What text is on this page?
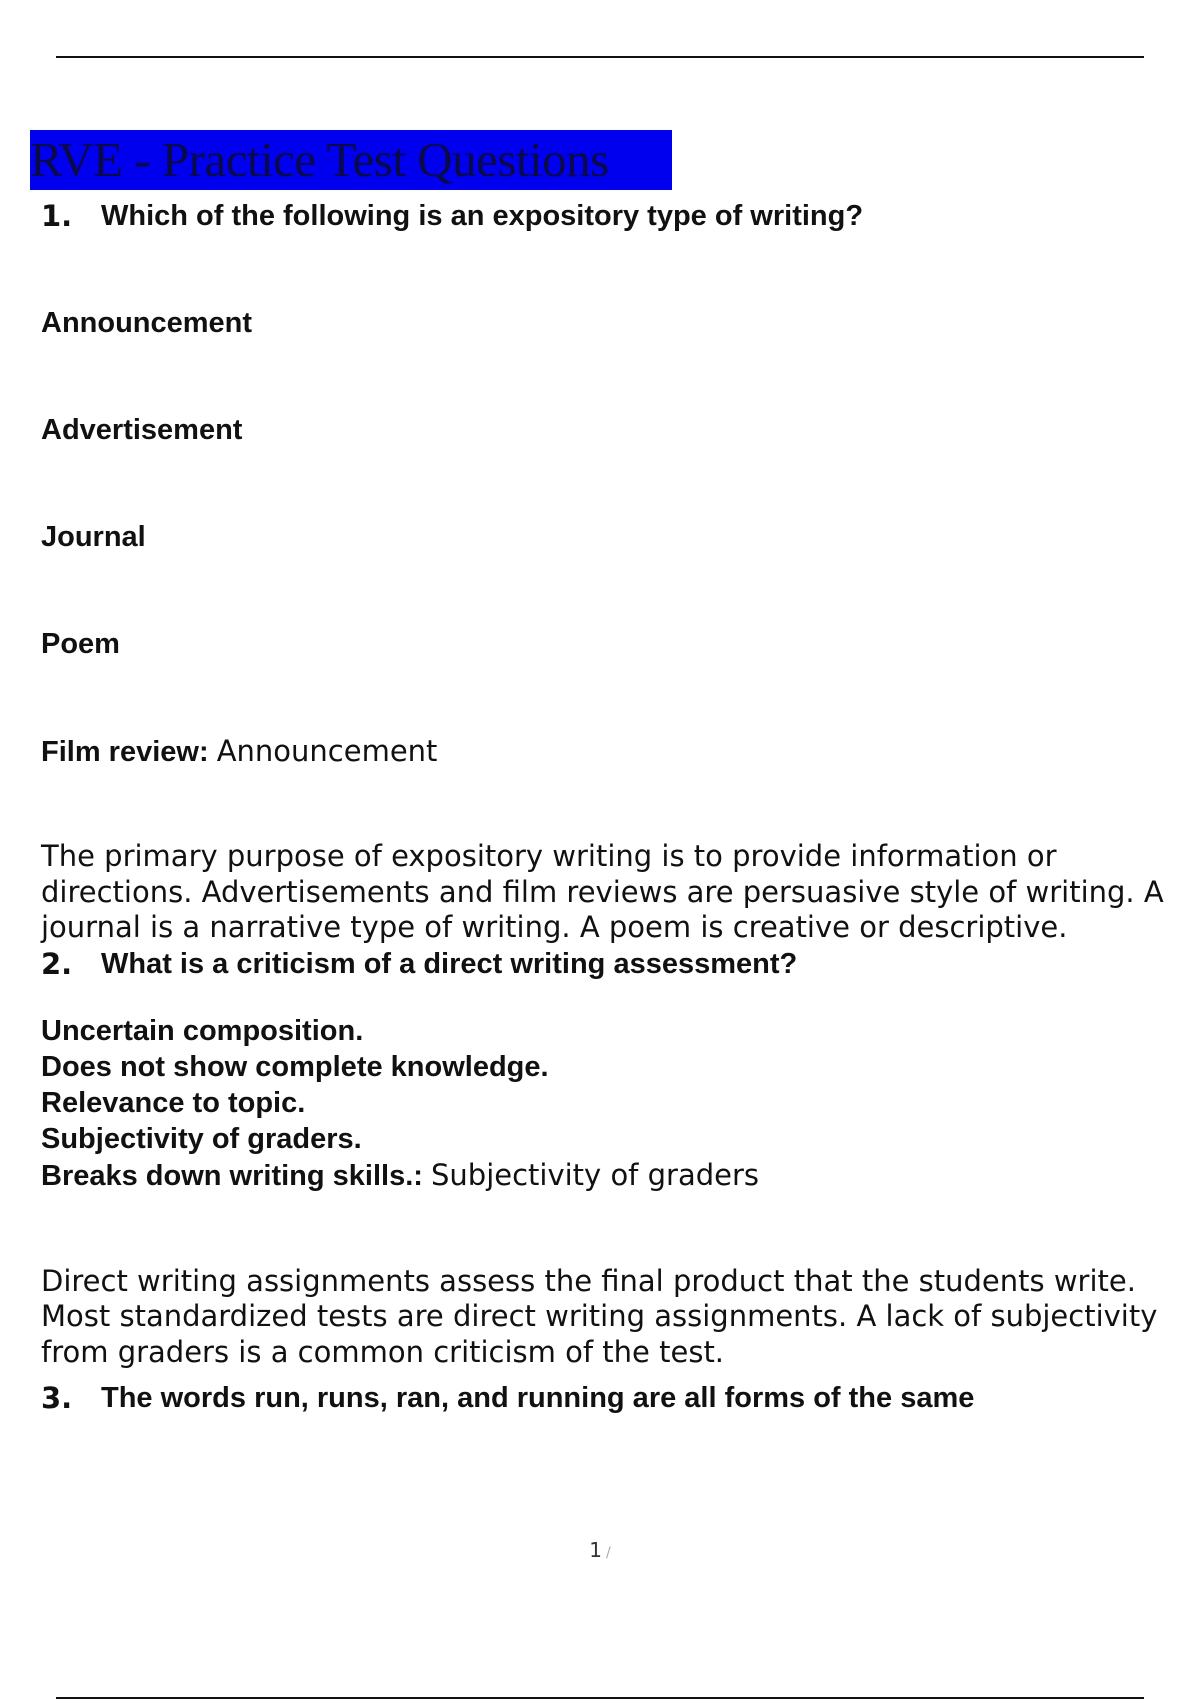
RVE - Practice Test Questions
1. Which of the following is an expository type of writing?
Announcement
Advertisement
Journal
Poem
Film review: Announcement

The primary purpose of expository writing is to provide information or directions. Advertisements and film reviews are persuasive style of writing. A journal is a narrative type of writing. A poem is creative or descriptive.

2. What is a criticism of a direct writing assessment?
Uncertain composition.
Does not show complete knowledge.
Relevance to topic.
Subjectivity of graders.
Breaks down writing skills.: Subjectivity of graders

Direct writing assignments assess the final product that the students write. Most standardized tests are direct writing assignments. A lack of subjectivity from graders is a common criticism of the test.

3. The words run, runs, ran, and running are all forms of the same
1 /
